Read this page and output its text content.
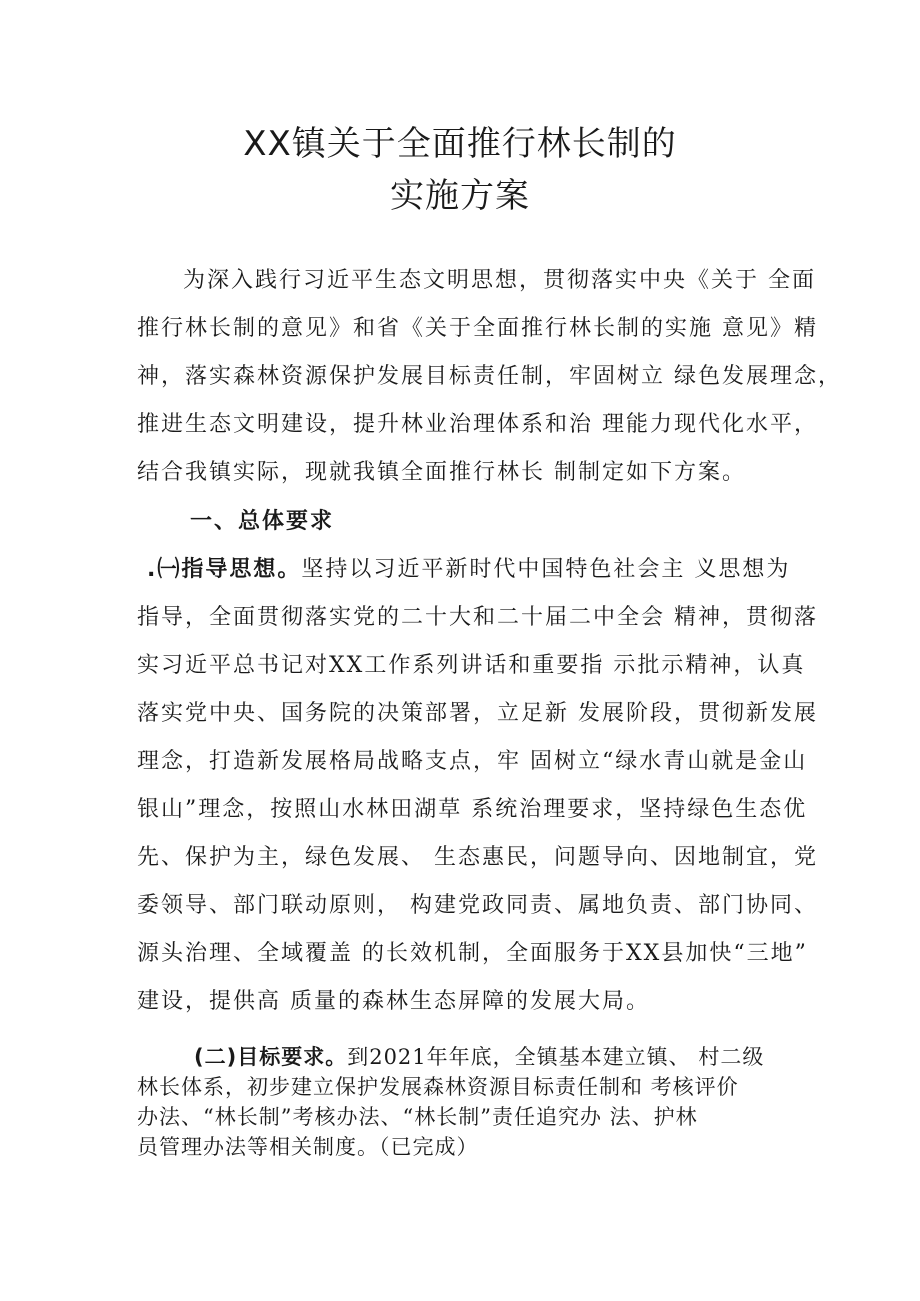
XX镇关于全面推行林长制的
实施方案
为深入践行习近平生态文明思想，贯彻落实中央《关于 全面
推行林长制的意见》和省《关于全面推行林长制的实施 意见》精
神，落实森林资源保护发展目标责任制，牢固树立 绿色发展理念，
推进生态文明建设，提升林业治理体系和治 理能力现代化水平，
结合我镇实际，现就我镇全面推行林长 制制定如下方案。
一、总体要求
.㈠指导思想。坚持以习近平新时代中国特色社会主 义思想为
指导，全面贯彻落实党的二十大和二十届二中全会 精神，贯彻落
实习近平总书记对XX工作系列讲话和重要指 示批示精神，认真
落实党中央、国务院的决策部署，立足新 发展阶段，贯彻新发展
理念，打造新发展格局战略支点，牢 固树立“绿水青山就是金山
银山”理念，按照山水林田湖草 系统治理要求，坚持绿色生态优
先、保护为主，绿色发展、 生态惠民，问题导向、因地制宜，党
委领导、部门联动原则， 构建党政同责、属地负责、部门协同、
源头治理、全域覆盖 的长效机制，全面服务于XX县加快“三地”
建设，提供高 质量的森林生态屏障的发展大局。
(二)目标要求。到2021年年底，全镇基本建立镇、 村二级
林长体系，初步建立保护发展森林资源目标责任制和 考核评价
办法、“林长制”考核办法、“林长制”责任追究办 法、护林
员管理办法等相关制度。（已完成）
